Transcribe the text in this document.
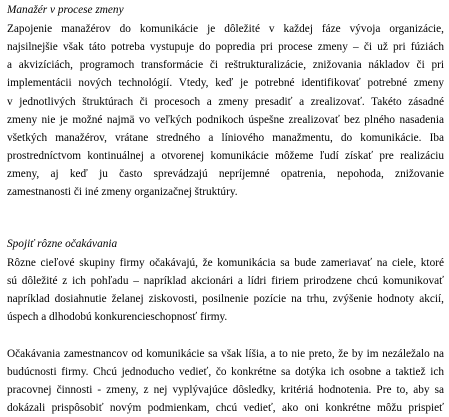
Manažér v procese zmeny

Zapojenie manažérov do komunikácie je dôležité v každej fáze vývoja organizácie,
najsilnejšie však táto potreba vystupuje do popredia pri procese zmeny – či už pri fúziách
a akvizíciách, programoch transformácie či reštrukturalizácie, znižovania nákladov či pri
implementácii nových technológií. Vtedy, keď je potrebné identifikovať potrebné zmeny
v jednotlivých štruktúrach či procesoch a zmeny presadiť a zrealizovať. Takéto zásadné
zmeny nie je možné najmä vo veľkých podnikoch úspešne zrealizovať bez plného nasadenia
všetkých manažérov, vrátane stredného a líniového manažmentu, do komunikácie. Iba
prostredníctvom kontinuálnej a otvorenej komunikácie môžeme ľudí získať pre realizáciu
zmeny, aj keď ju často sprevádzajú nepríjemné opatrenia, nepohoda, znižovanie
zamestnanosti či iné zmeny organizačnej štruktúry.

Spojiť rôzne očakávania

Rôzne cieľové skupiny firmy očakávajú, že komunikácia sa bude zameriavať na ciele, ktoré
sú dôležité z ich pohľadu – napríklad akcionári a lídri firiem prirodzene chcú komunikovať
napríklad dosiahnutie želanej ziskovosti, posilnenie pozície na trhu, zvýšenie hodnoty akcií,
úspech a dlhodobú konkurencieschopnosť firmy.

Očakávania zamestnancov od komunikácie sa však líšia, a to nie preto, že by im nezáležalo na
budúcnosti firmy. Chcú jednoducho vedieť, čo konkrétne sa dotýka ich osobne a taktiež ich
pracovnej činnosti - zmeny, z nej vyplývajúce dôsledky, kritériá hodnotenia. Pre to, aby sa
dokázali prispôsobiť novým podmienkam, chcú vedieť, ako oni konkrétne môžu prispieť
